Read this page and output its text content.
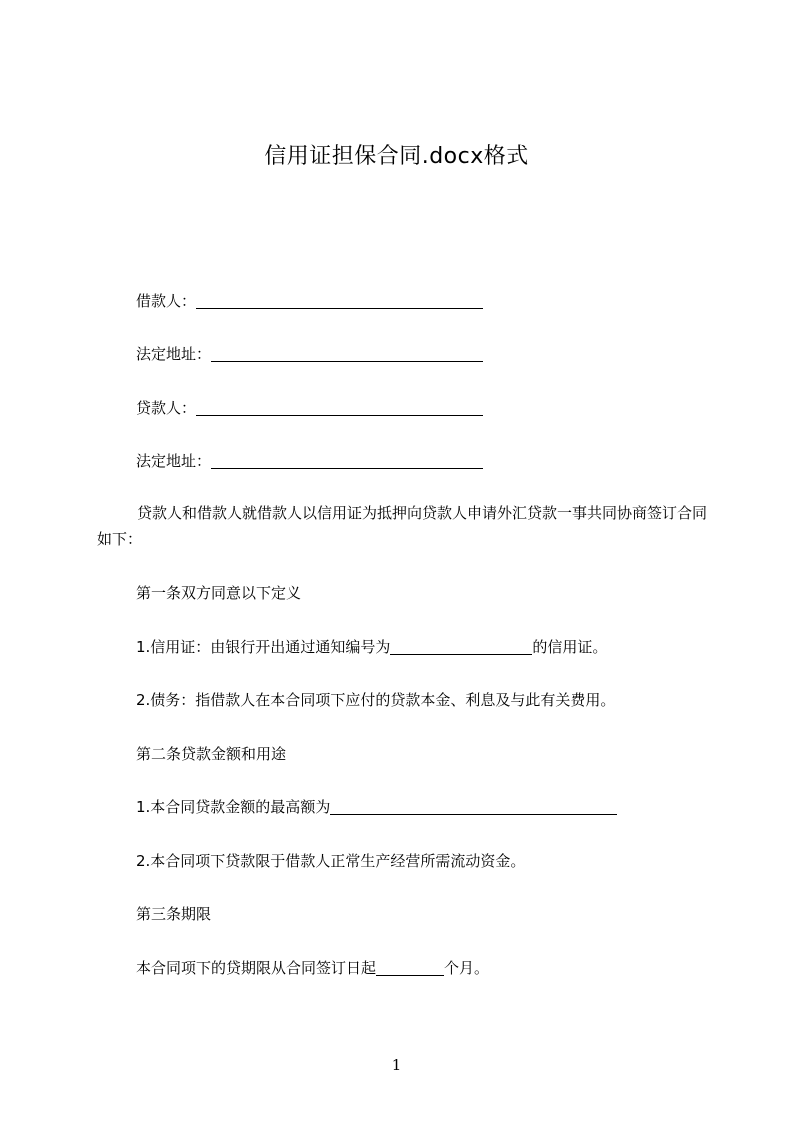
信用证担保合同.docx格式
借款人：
法定地址：
贷款人：
法定地址：
贷款人和借款人就借款人以信用证为抵押向贷款人申请外汇贷款一事共同协商签订合同如下：
第一条双方同意以下定义
1.信用证：由银行开出通过通知编号为	的信用证。
2.债务：指借款人在本合同项下应付的贷款本金、利息及与此有关费用。
第二条贷款金额和用途
1.本合同贷款金额的最高额为
2.本合同项下贷款限于借款人正常生产经营所需流动资金。
第三条期限
本合同项下的贷期限从合同签订日起	个月。
1
